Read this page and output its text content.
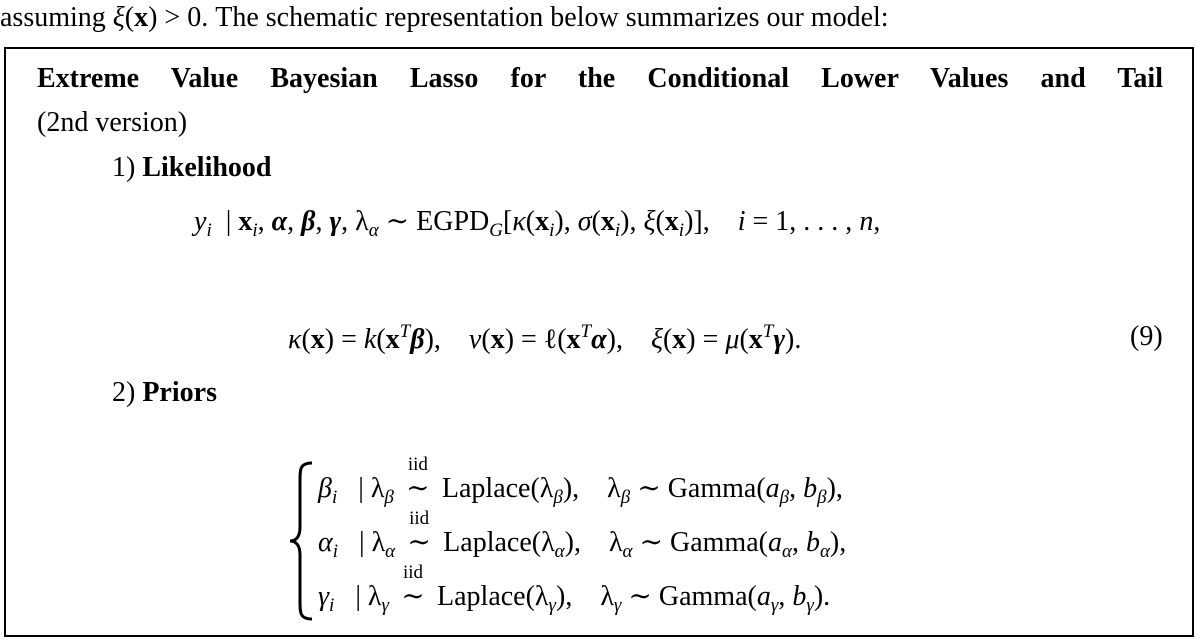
assuming ξ(x) > 0. The schematic representation below summarizes our model:
Extreme Value Bayesian Lasso for the Conditional Lower Values and Tail
(2nd version)
1) Likelihood
$y_i$  | $x_i$, α, β, γ, $\lambda_\alpha$ ∼ $EGPD_G[\kappa(x_i)$, $\sigma(x_i)$, $\xi(x_i)$],    i = 1, . . . , n,
$\kappa(x) = k(x^T\beta)$,    $\nu(x) = \ell(x^T\alpha)$,    $\xi(x) = \mu(x^T\gamma)$.	(9)
2) Priors
$\beta_i$   | $\lambda_\beta$
iid
∼ $Laplace(\lambda_\beta)$,    $\lambda_\beta$ ∼ $Gamma(a_\beta$, $b_\beta$),
$\alpha_i$   | $\lambda_\alpha$
iid
∼ $Laplace(\lambda_\alpha)$,    $\lambda_\alpha$ ∼ $Gamma(a_\alpha$, $b_\alpha$),
$\gamma_i$   | $\lambda_\gamma$
iid
∼ $Laplace(\lambda_\gamma)$,    $\lambda_\gamma$ ∼ $Gamma(a_\gamma$, $b_\gamma$).
